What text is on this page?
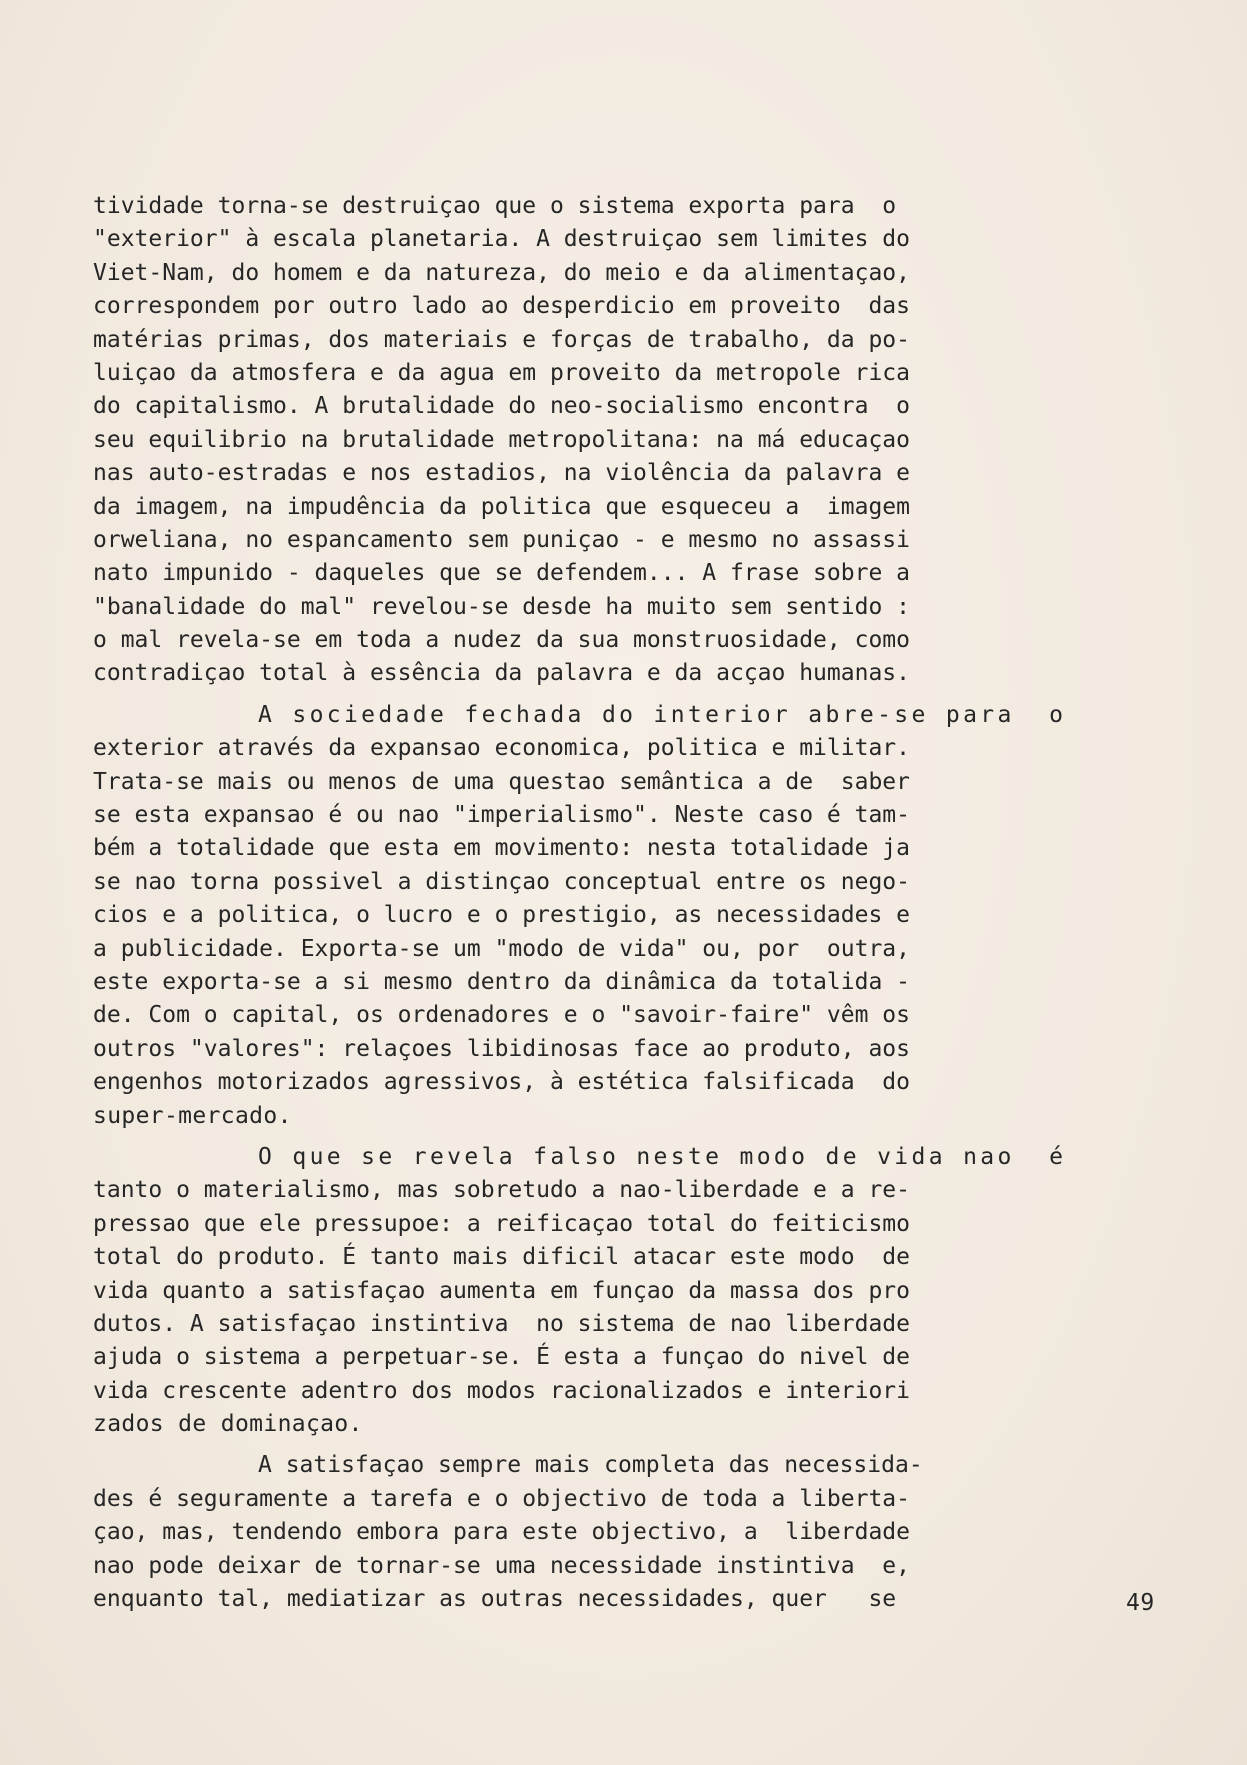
tividade torna-se destruiçao que o sistema exporta para  o
"exterior" à escala planetaria. A destruiçao sem limites do
Viet-Nam, do homem e da natureza, do meio e da alimentaçao,
correspondem por outro lado ao desperdicio em proveito  das
matérias primas, dos materiais e forças de trabalho, da po-
luiçao da atmosfera e da agua em proveito da metropole rica
do capitalismo. A brutalidade do neo-socialismo encontra  o
seu equilibrio na brutalidade metropolitana: na má educaçao
nas auto-estradas e nos estadios, na violência da palavra e
da imagem, na impudência da politica que esqueceu a  imagem
orweliana, no espancamento sem puniçao - e mesmo no assassi
nato impunido - daqueles que se defendem... A frase sobre a
"banalidade do mal" revelou-se desde ha muito sem sentido :
o mal revela-se em toda a nudez da sua monstruosidade, como
contradiçao total à essência da palavra e da acçao humanas.
A sociedade fechada do interior abre-se para  o
exterior através da expansao economica, politica e militar.
Trata-se mais ou menos de uma questao semântica a de  saber
se esta expansao é ou nao "imperialismo". Neste caso é tam-
bém a totalidade que esta em movimento: nesta totalidade ja
se nao torna possivel a distinçao conceptual entre os nego-
cios e a politica, o lucro e o prestigio, as necessidades e
a publicidade. Exporta-se um "modo de vida" ou, por  outra,
este exporta-se a si mesmo dentro da dinâmica da totalida -
de. Com o capital, os ordenadores e o "savoir-faire" vêm os
outros "valores": relaçoes libidinosas face ao produto, aos
engenhos motorizados agressivos, à estética falsificada  do
super-mercado.
O que se revela falso neste modo de vida nao  é
tanto o materialismo, mas sobretudo a nao-liberdade e a re-
pressao que ele pressupoe: a reificaçao total do feiticismo
total do produto. É tanto mais dificil atacar este modo  de
vida quanto a satisfaçao aumenta em funçao da massa dos pro
dutos. A satisfaçao instintiva  no sistema de nao liberdade
ajuda o sistema a perpetuar-se. É esta a funçao do nivel de
vida crescente adentro dos modos racionalizados e interiori
zados de dominaçao.
A satisfaçao sempre mais completa das necessida-
des é seguramente a tarefa e o objectivo de toda a liberta-
çao, mas, tendendo embora para este objectivo, a  liberdade
nao pode deixar de tornar-se uma necessidade instintiva  e,
enquanto tal, mediatizar as outras necessidades, quer   se	49
